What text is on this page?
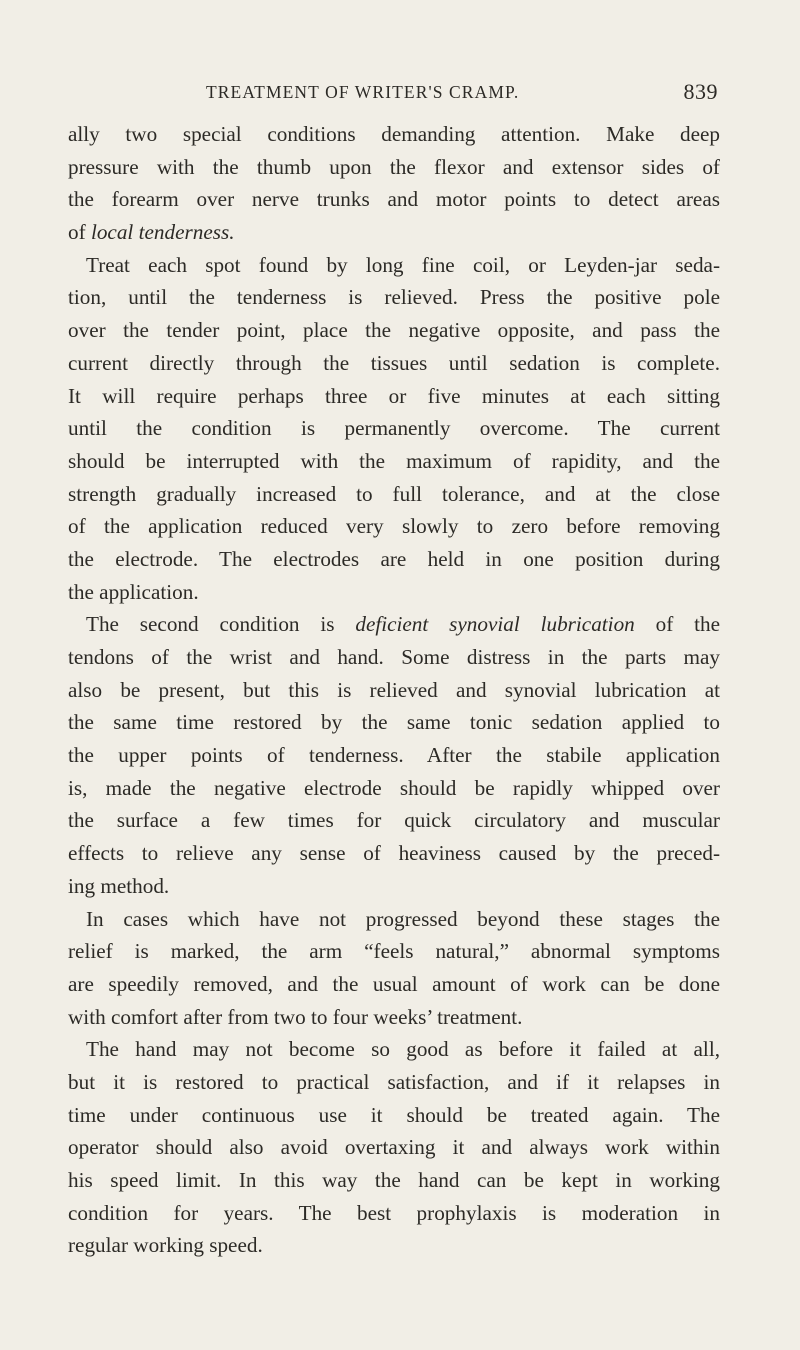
TREATMENT OF WRITER'S CRAMP.	839
ally two special conditions demanding attention. Make deep
pressure with the thumb upon the flexor and extensor sides of
the forearm over nerve trunks and motor points to detect areas
of local tenderness.
Treat each spot found by long fine coil, or Leyden-jar seda-
tion, until the tenderness is relieved. Press the positive pole
over the tender point, place the negative opposite, and pass the
current directly through the tissues until sedation is complete.
It will require perhaps three or five minutes at each sitting
until the condition is permanently overcome. The current
should be interrupted with the maximum of rapidity, and the
strength gradually increased to full tolerance, and at the close
of the application reduced very slowly to zero before removing
the electrode. The electrodes are held in one position during
the application.
The second condition is deficient synovial lubrication of the
tendons of the wrist and hand. Some distress in the parts may
also be present, but this is relieved and synovial lubrication at
the same time restored by the same tonic sedation applied to
the upper points of tenderness. After the stabile application
is, made the negative electrode should be rapidly whipped over
the surface a few times for quick circulatory and muscular
effects to relieve any sense of heaviness caused by the preced-
ing method.
In cases which have not progressed beyond these stages the
relief is marked, the arm “feels natural,” abnormal symptoms
are speedily removed, and the usual amount of work can be done
with comfort after from two to four weeks’ treatment.
The hand may not become so good as before it failed at all,
but it is restored to practical satisfaction, and if it relapses in
time under continuous use it should be treated again. The
operator should also avoid overtaxing it and always work within
his speed limit. In this way the hand can be kept in working
condition for years. The best prophylaxis is moderation in
regular working speed.
